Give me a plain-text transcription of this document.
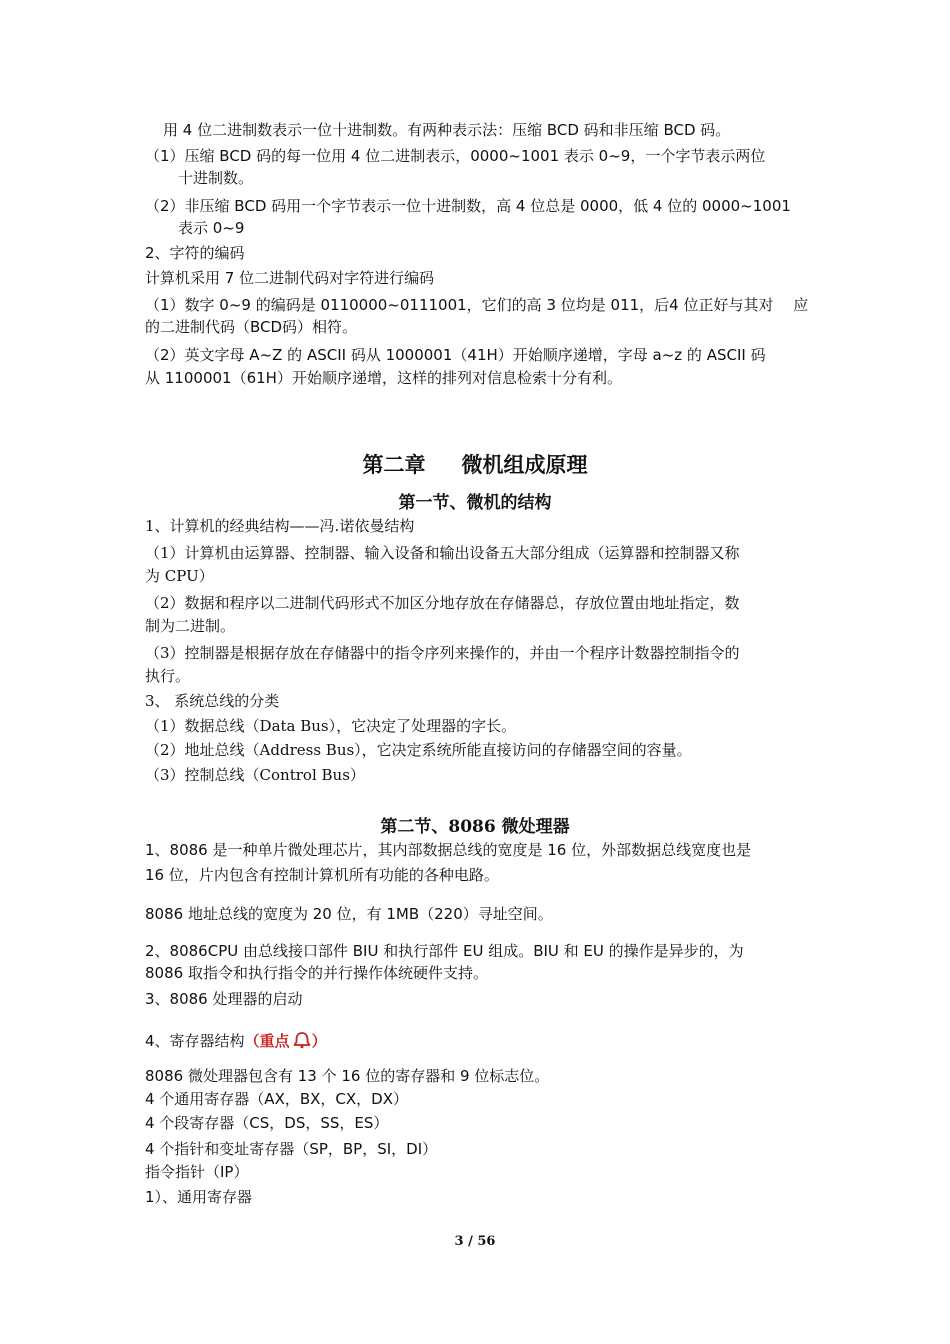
用 4 位二进制数表示一位十进制数。有两种表示法：压缩 BCD 码和非压缩 BCD 码。

（1）压缩 BCD 码的每一位用 4 位二进制表示，0000~1001 表示 0~9，一个字节表示两位

十进制数。

（2）非压缩 BCD 码用一个字节表示一位十进制数，高 4 位总是 0000，低 4 位的 0000~1001

表示 0~9

2、字符的编码

计算机采用 7 位二进制代码对字符进行编码

（1）数字 0~9 的编码是 0110000~0111001，它们的高 3 位均是 011，后4 位正好与其对　 应

的二进制代码（BCD码）相符。

（2）英文字母 A~Z 的 ASCII 码从 1000001（41H）开始顺序递增，字母 a~z 的 ASCII 码

从 1100001（61H）开始顺序递增，这样的排列对信息检索十分有利。

第二章 微机组成原理
第一节、微机的结构

1、计算机的经典结构——冯.诺依曼结构

（1）计算机由运算器、控制器、输入设备和输出设备五大部分组成（运算器和控制器又称

为 CPU）

（2）数据和程序以二进制代码形式不加区分地存放在存储器总，存放位置由地址指定，数

制为二进制。

（3）控制器是根据存放在存储器中的指令序列来操作的，并由一个程序计数器控制指令的

执行。

3、 系统总线的分类

（1）数据总线（Data Bus），它决定了处理器的字长。

（2）地址总线（Address Bus），它决定系统所能直接访问的存储器空间的容量。

（3）控制总线（Control Bus）

第二节、8086 微处理器

1、8086 是一种单片微处理芯片，其内部数据总线的宽度是 16 位，外部数据总线宽度也是

16 位，片内包含有控制计算机所有功能的各种电路。

8086 地址总线的宽度为 20 位，有 1MB（220）寻址空间。

2、8086CPU 由总线接口部件 BIU 和执行部件 EU 组成。BIU 和 EU 的操作是异步的，为

8086 取指令和执行指令的并行操作体统硬件支持。

3、8086 处理器的启动

4、寄存器结构（重点 ）

8086 微处理器包含有 13 个 16 位的寄存器和 9 位标志位。

4 个通用寄存器（AX，BX，CX，DX）

4 个段寄存器（CS，DS，SS，ES）

4 个指针和变址寄存器（SP，BP，SI，DI）

指令指针（IP）

1）、通用寄存器

3 / 56
